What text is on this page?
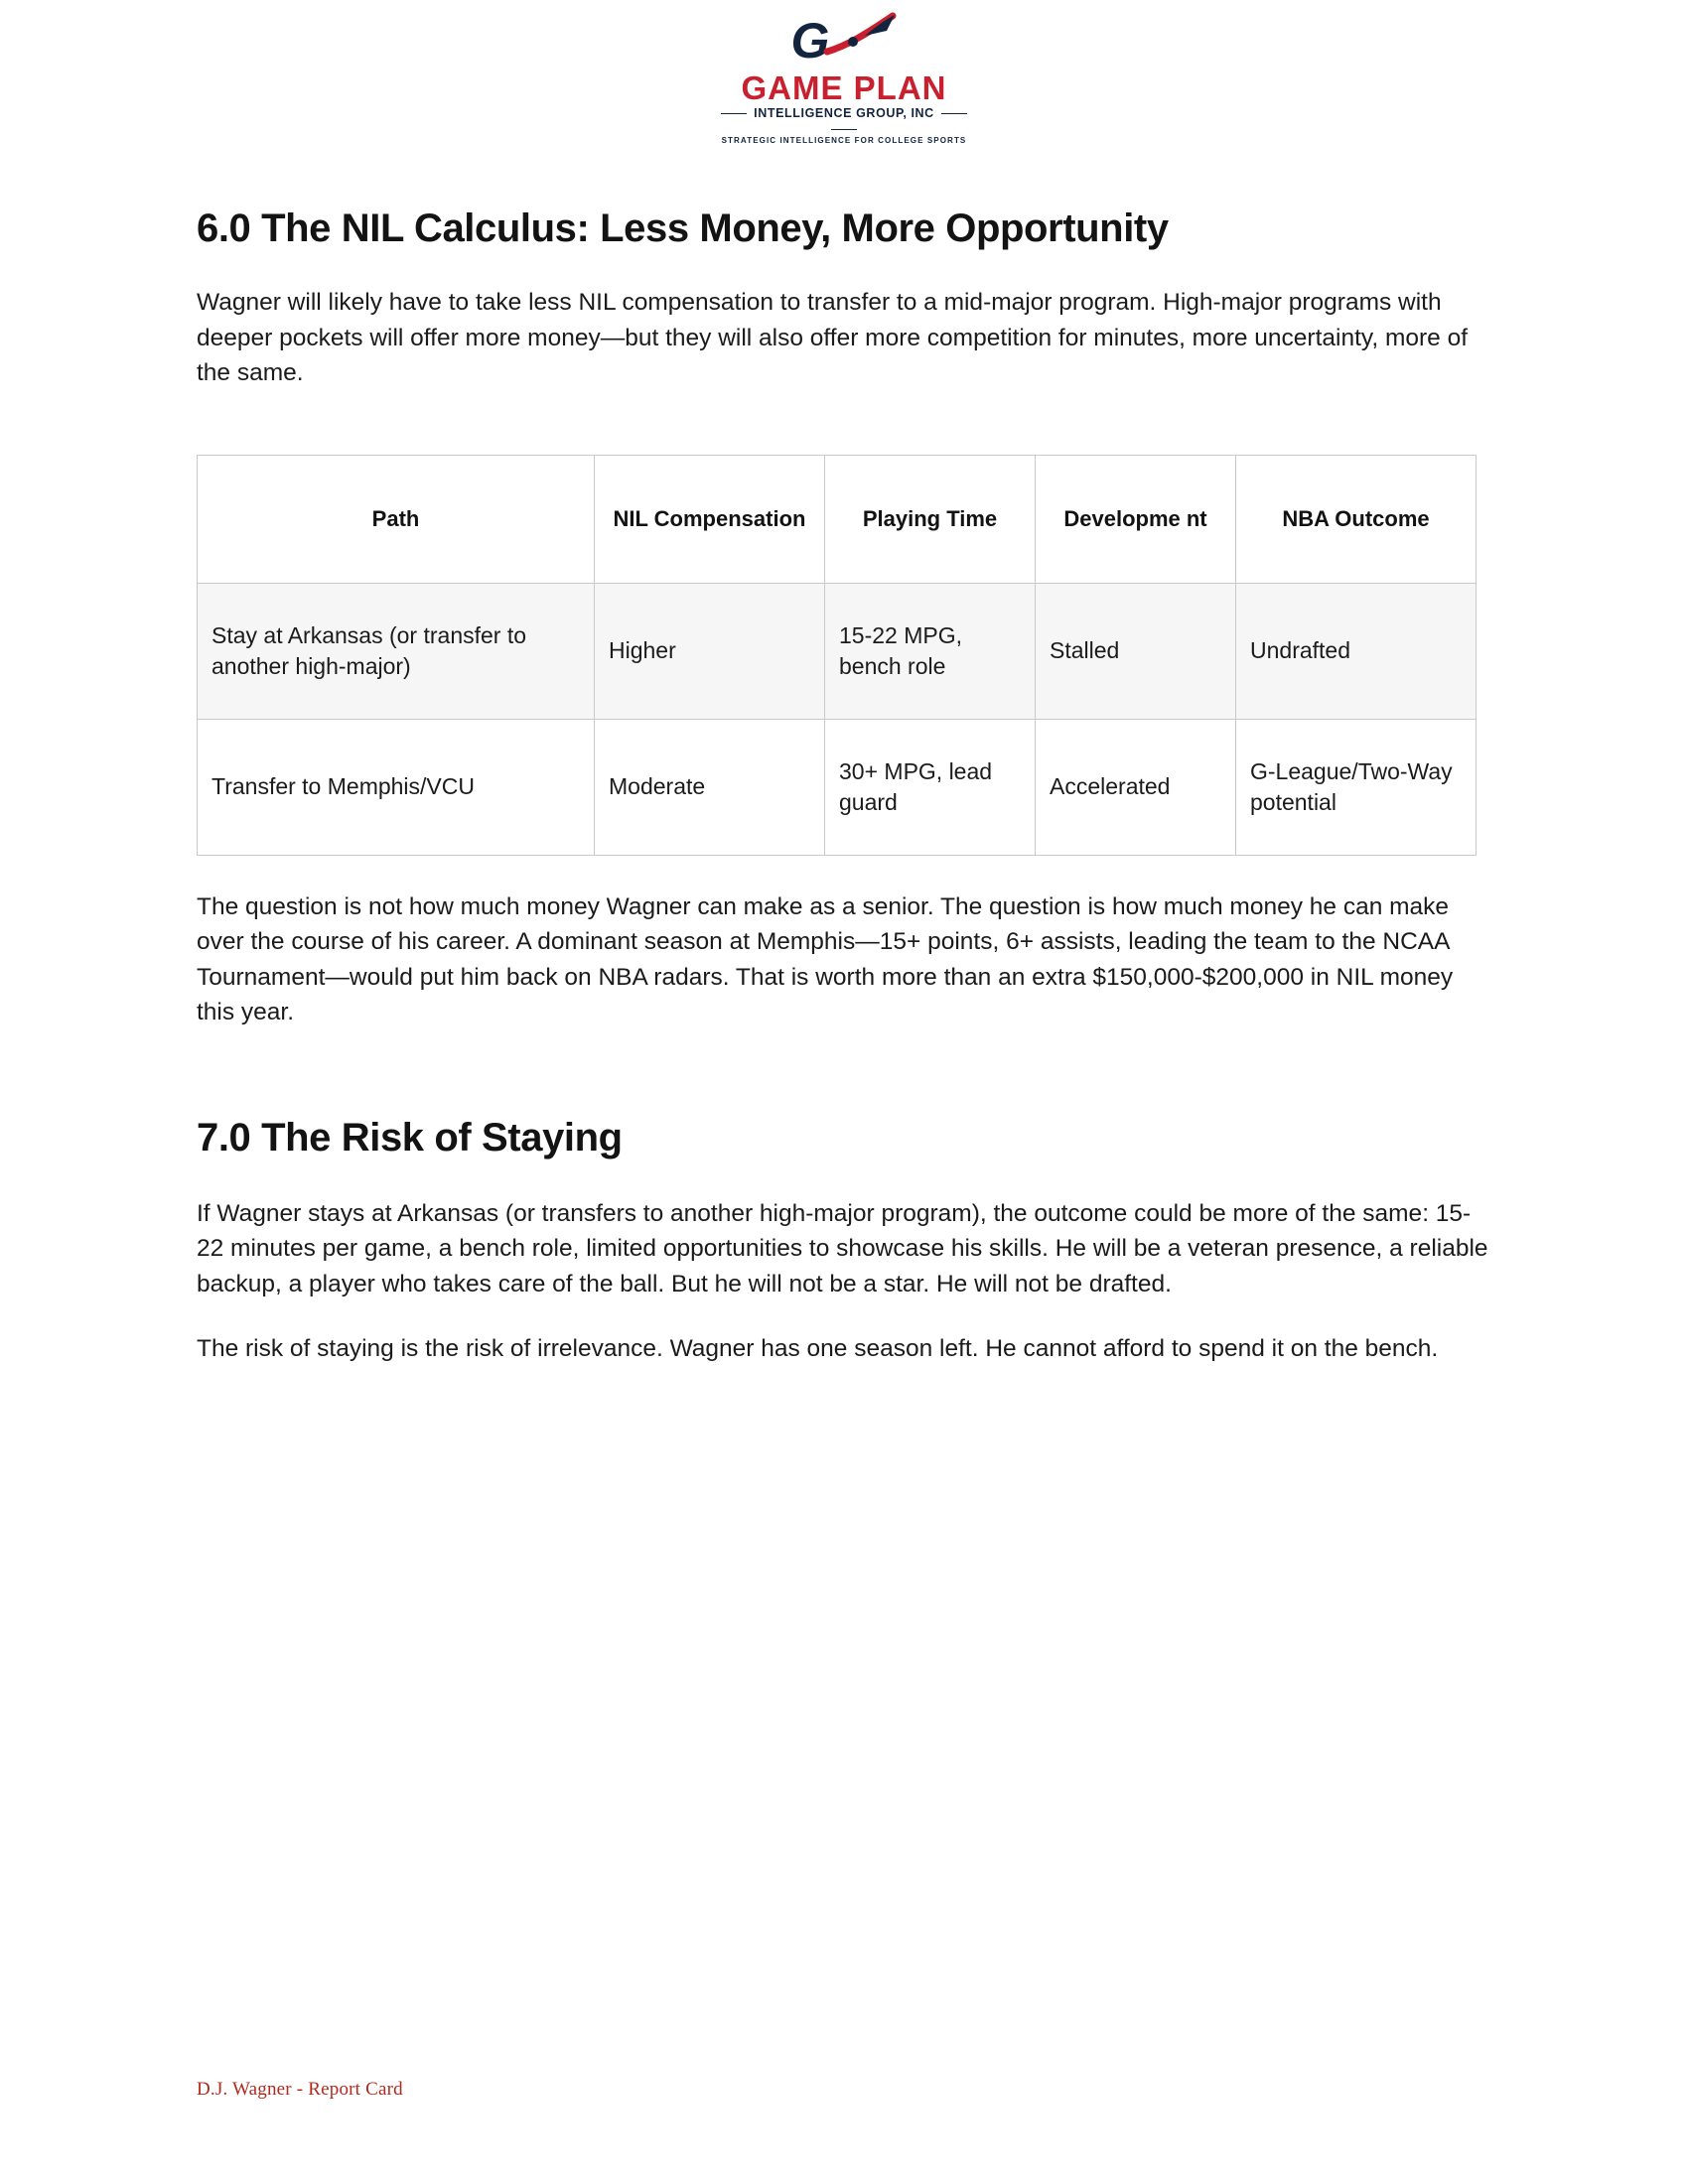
G
GAME PLAN
INTELLIGENCE GROUP, INC
STRATEGIC INTELLIGENCE FOR COLLEGE SPORTS
6.0 The NIL Calculus: Less Money, More Opportunity

Wagner will likely have to take less NIL compensation to transfer to a mid-major program. High-major programs with deeper pockets will offer more money—but they will also offer more competition for minutes, more uncertainty, more of the same.

Path	NIL Compensation	Playing Time	Developme nt	NBA Outcome
Stay at Arkansas (or transfer to another high-major)	Higher	15-22 MPG, bench role	Stalled	Undrafted
Transfer to Memphis/VCU	Moderate	30+ MPG, lead guard	Accelerated	G-League/Two-Way potential

The question is not how much money Wagner can make as a senior. The question is how much money he can make over the course of his career. A dominant season at Memphis—15+ points, 6+ assists, leading the team to the NCAA Tournament—would put him back on NBA radars. That is worth more than an extra $150,000-$200,000 in NIL money this year.

7.0 The Risk of Staying

If Wagner stays at Arkansas (or transfers to another high-major program), the outcome could be more of the same: 15-22 minutes per game, a bench role, limited opportunities to showcase his skills. He will be a veteran presence, a reliable backup, a player who takes care of the ball. But he will not be a star. He will not be drafted.

The risk of staying is the risk of irrelevance. Wagner has one season left. He cannot afford to spend it on the bench.

D.J. Wagner - Report Card
